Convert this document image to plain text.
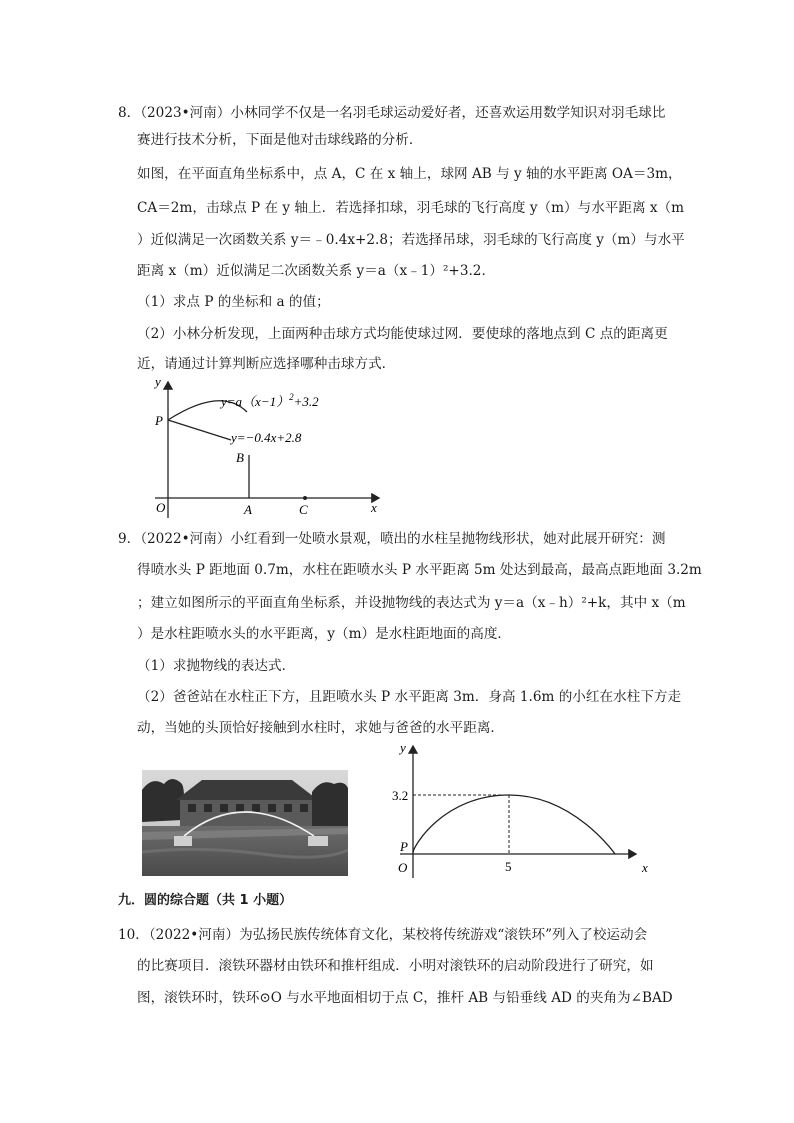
8．（2023•河南）小林同学不仅是一名羽毛球运动爱好者，还喜欢运用数学知识对羽毛球比
赛进行技术分析，下面是他对击球线路的分析．
如图，在平面直角坐标系中，点 A，C 在 x 轴上，球网 AB 与 y 轴的水平距离 OA＝3m，
CA＝2m，击球点 P 在 y 轴上．若选择扣球，羽毛球的飞行高度 y（m）与水平距离 x（m
）近似满足一次函数关系 y＝﹣0.4x+2.8；若选择吊球，羽毛球的飞行高度 y（m）与水平
距离 x（m）近似满足二次函数关系 y＝a（x﹣1）²+3.2．
（1）求点 P 的坐标和 a 的值；
（2）小林分析发现，上面两种击球方式均能使球过网．要使球的落地点到 C 点的距离更
近，请通过计算判断应选择哪种击球方式．
y
x
P
O	A
B
C
$y=a(x-1)^2+3.2$
y=−0.4x+2.8
9．（2022•河南）小红看到一处喷水景观，喷出的水柱呈抛物线形状，她对此展开研究：测
得喷水头 P 距地面 0.7m，水柱在距喷水头 P 水平距离 5m 处达到最高，最高点距地面 3.2m
；建立如图所示的平面直角坐标系，并设抛物线的表达式为 y＝a（x﹣h）²+k，其中 x（m
）是水柱距喷水头的水平距离，y（m）是水柱距地面的高度．
（1）求抛物线的表达式．
（2）爸爸站在水柱正下方，且距喷水头 P 水平距离 3m．身高 1.6m 的小红在水柱下方走
动，当她的头顶恰好接触到水柱时，求她与爸爸的水平距离．
y
x
3.2
5
P
O
九．圆的综合题（共 1 小题）
10．（2022•河南）为弘扬民族传统体育文化，某校将传统游戏“滚铁环”列入了校运动会
的比赛项目．滚铁环器材由铁环和推杆组成．小明对滚铁环的启动阶段进行了研究，如
图，滚铁环时，铁环⊙O 与水平地面相切于点 C，推杆 AB 与铅垂线 AD 的夹角为∠BAD
